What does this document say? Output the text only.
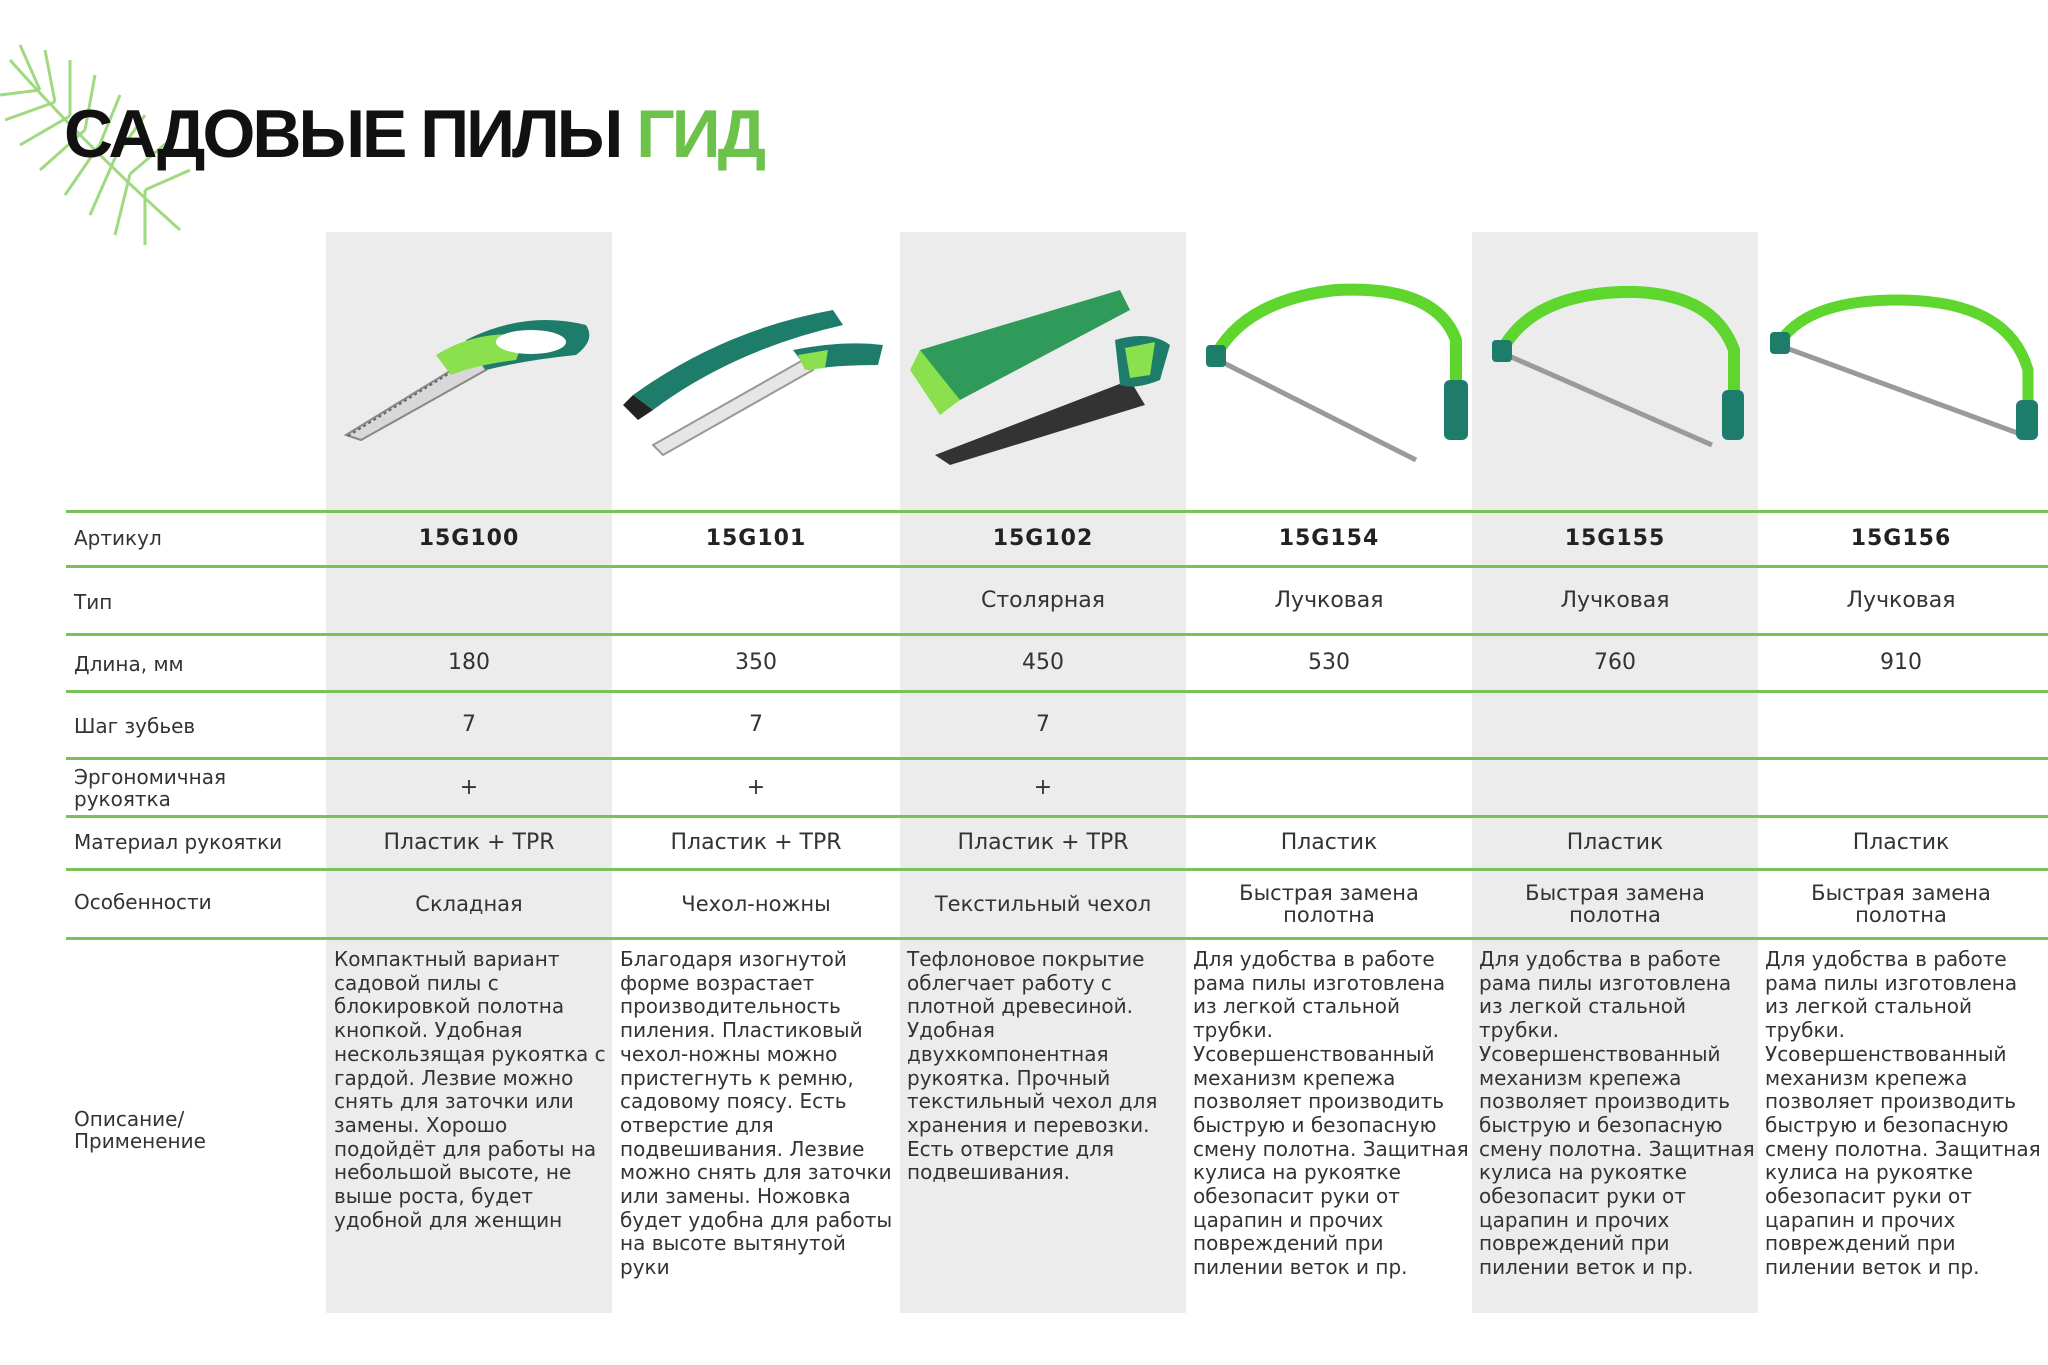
САДОВЫЕ ПИЛЫ ГИД
Артикул
Тип
Длина, мм
Шаг зубьев
Эргономичная
рукоятка
Материал рукоятки
Особенности
Описание/
Применение
15G100
180
7
+
Пластик + TPR
Складная
Компактный вариант садовой пилы с блокировкой полотна кнопкой. Удобная нескользящая рукоятка с гардой. Лезвие можно снять для заточки или замены. Хорошо подойдёт для работы на небольшой высоте, не выше роста, будет удобной для женщин
15G101
350
7
+
Пластик + TPR
Чехол-ножны
Благодаря изогнутой форме возрастает производительность пиления. Пластиковый чехол-ножны можно пристегнуть к ремню, садовому поясу. Есть отверстие для подвешивания. Лезвие можно снять для заточки или замены. Ножовка будет удобна для работы на высоте вытянутой руки
15G102
Столярная
450
7
+
Пластик + TPR
Текстильный чехол
Тефлоновое покрытие облегчает работу с плотной древесиной. Удобная двухкомпонентная рукоятка. Прочный текстильный чехол для хранения и перевозки. Есть отверстие для подвешивания.
15G154
Лучковая
530
Пластик
Быстрая замена полотна
Для удобства в работе рама пилы изготовлена из легкой стальной трубки. Усовершенствованный механизм крепежа позволяет производить быструю и безопасную смену полотна. Защитная кулиса на рукоятке обезопасит руки от царапин и прочих повреждений при пилении веток и пр.
15G155
Лучковая
760
Пластик
Быстрая замена полотна
Для удобства в работе рама пилы изготовлена из легкой стальной трубки. Усовершенствованный механизм крепежа позволяет производить быструю и безопасную смену полотна. Защитная кулиса на рукоятке обезопасит руки от царапин и прочих повреждений при пилении веток и пр.
15G156
Лучковая
910
Пластик
Быстрая замена полотна
Для удобства в работе рама пилы изготовлена из легкой стальной трубки. Усовершенствованный механизм крепежа позволяет производить быструю и безопасную смену полотна. Защитная кулиса на рукоятке обезопасит руки от царапин и прочих повреждений при пилении веток и пр.
